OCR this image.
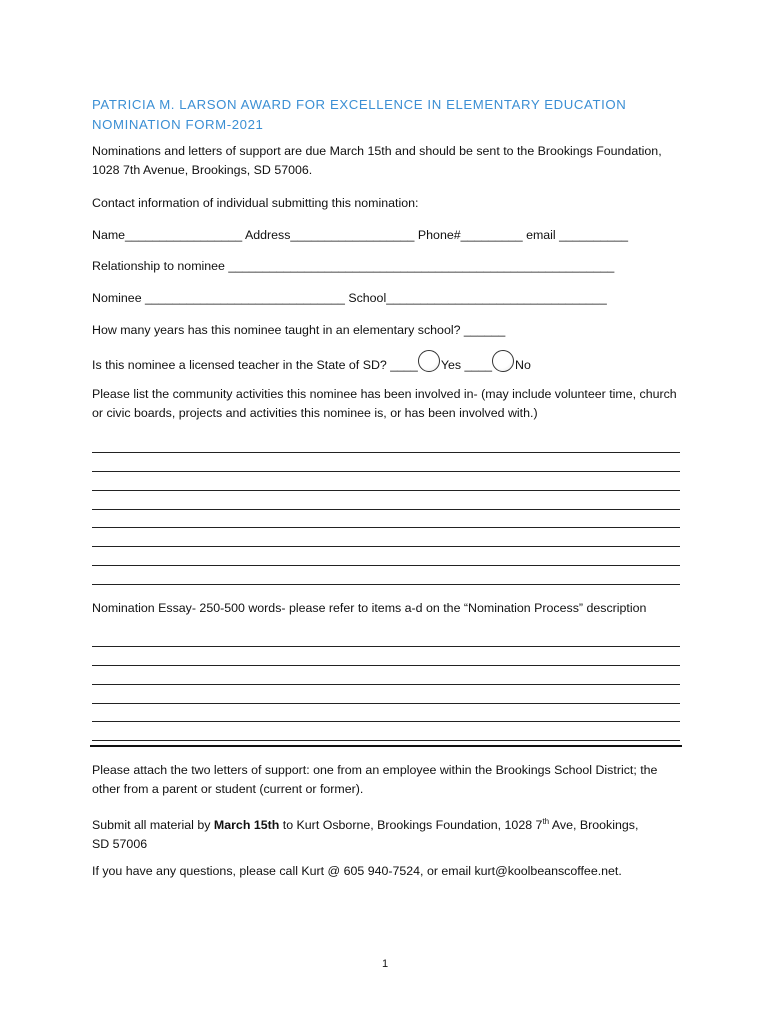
PATRICIA M. LARSON AWARD FOR EXCELLENCE IN ELEMENTARY EDUCATION
NOMINATION FORM-2021
Nominations and letters of support are due March 15th and should be sent to the Brookings Foundation, 1028 7th Avenue, Brookings, SD 57006.
Contact information of individual submitting this nomination:
Name_________________ Address__________________ Phone#_________ email __________
Relationship to nominee ________________________________________________________
Nominee _____________________________ School________________________________
How many years has this nominee taught in an elementary school? ______
Is this nominee a licensed teacher in the State of SD? ____ Yes ____ No
Please list the community activities this nominee has been involved in- (may include volunteer time, church or civic boards, projects and activities this nominee is, or has been involved with.)
Nomination Essay- 250-500 words- please refer to items a-d on the “Nomination Process” description
Please attach the two letters of support: one from an employee within the Brookings School District; the other from a parent or student (current or former).
Submit all material by March 15th to Kurt Osborne, Brookings Foundation, 1028 7th Ave, Brookings,
SD 57006
If you have any questions, please call Kurt @ 605 940-7524, or email kurt@koolbeanscoffee.net.
1
